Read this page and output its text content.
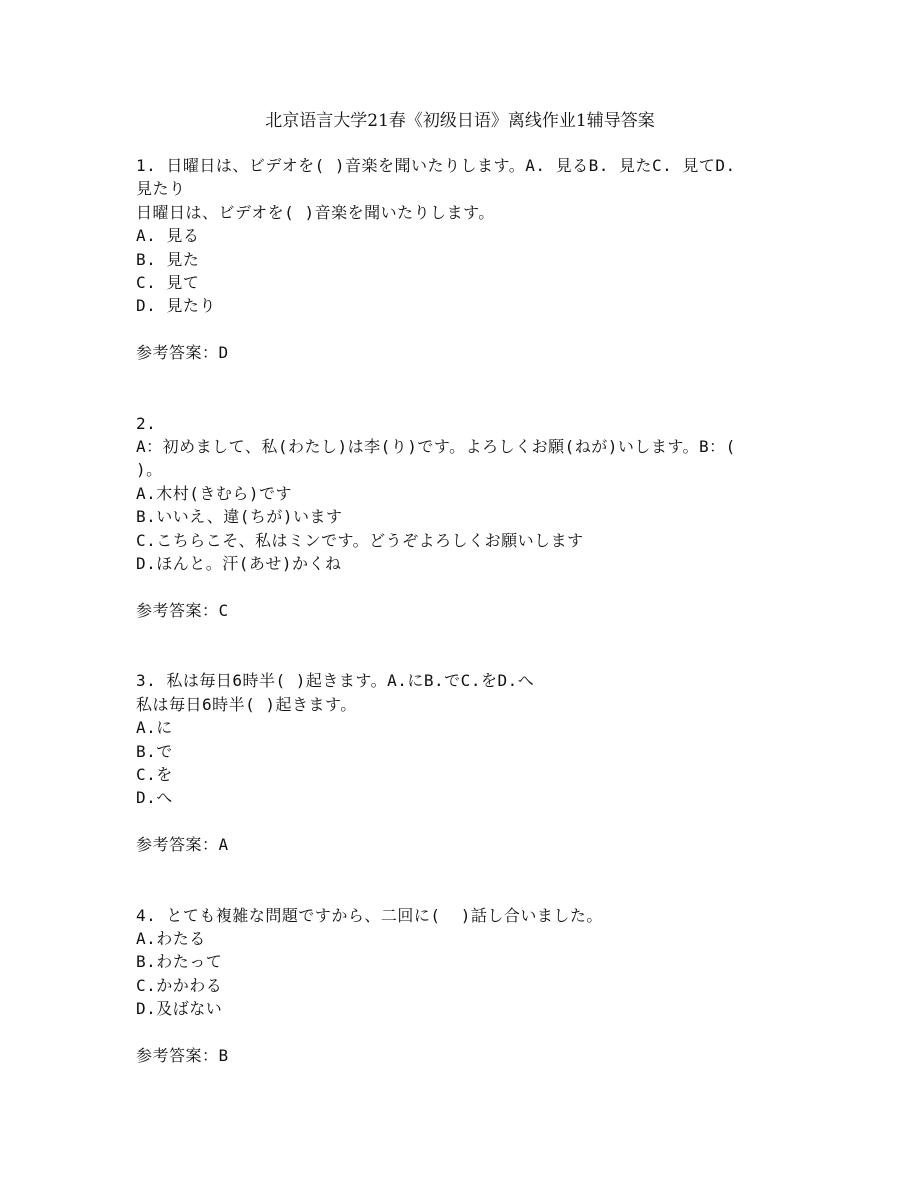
北京语言大学21春《初级日语》离线作业1辅导答案
1. 日曜日は、ビデオを( )音楽を聞いたりします。A. 見るB. 見たC. 見てD.
見たり
日曜日は、ビデオを( )音楽を聞いたりします。
A. 見る
B. 見た
C. 見て
D. 見たり
参考答案：D
2.
A：初めまして、私(わたし)は李(り)です。よろしくお願(ねが)いします。B：(
)。
A.木村(きむら)です
B.いいえ、違(ちが)います
C.こちらこそ、私はミンです。どうぞよろしくお願いします
D.ほんと。汗(あせ)かくね
参考答案：C
3. 私は毎日6時半( )起きます。A.にB.でC.をD.へ
私は毎日6時半( )起きます。
A.に
B.で
C.を
D.へ
参考答案：A
4. とても複雑な問題ですから、二回に(  )話し合いました。
A.わたる
B.わたって
C.かかわる
D.及ばない
参考答案：B
